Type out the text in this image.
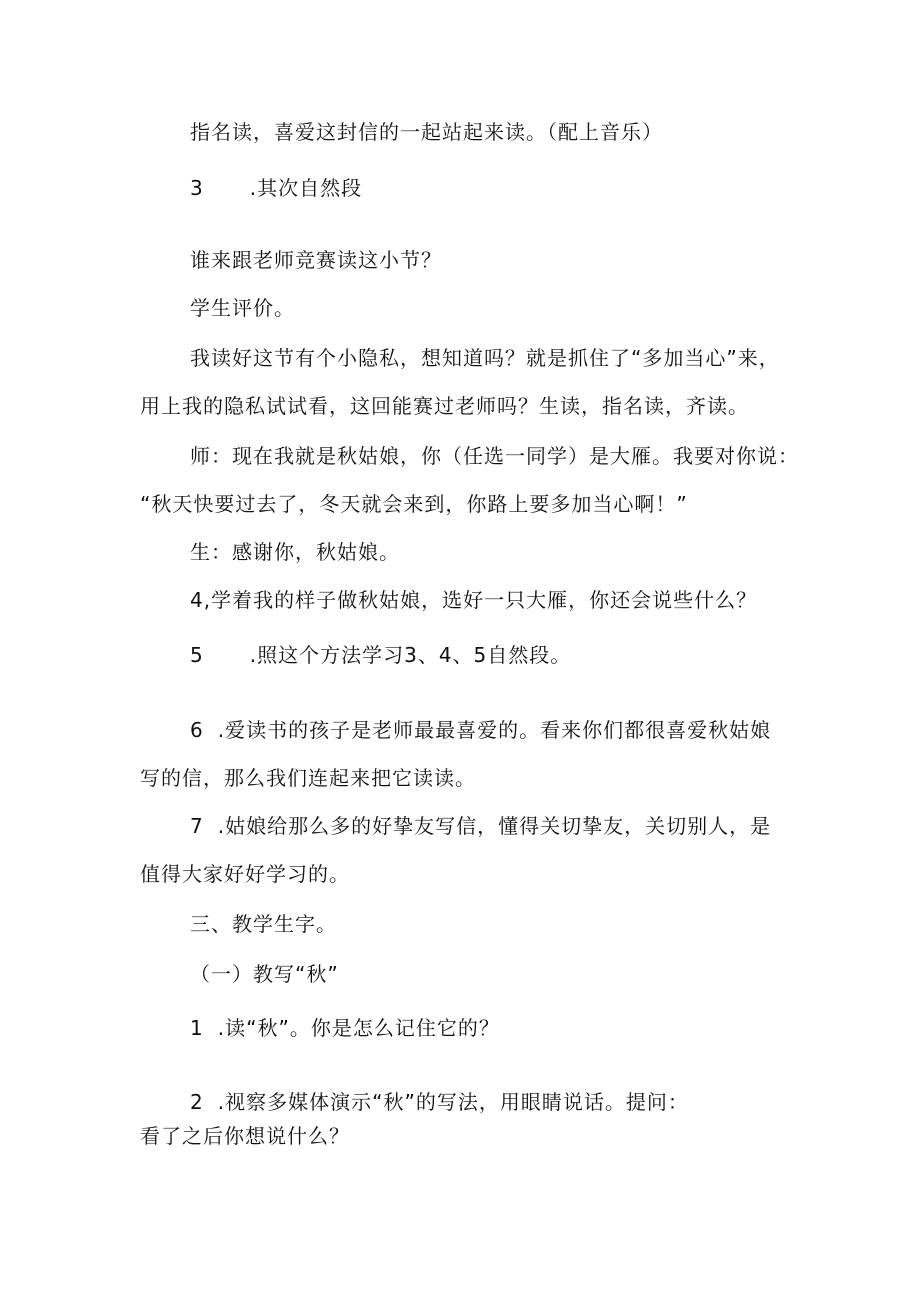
指名读，喜爱这封信的一起站起来读。（配上音乐）
3 .其次自然段
谁来跟老师竞赛读这小节？
学生评价。
我读好这节有个小隐私，想知道吗？就是抓住了“多加当心”来，
用上我的隐私试试看，这回能赛过老师吗？生读，指名读，齐读。
师：现在我就是秋姑娘，你（任选一同学）是大雁。我要对你说：
“秋天快要过去了，冬天就会来到，你路上要多加当心啊！”
生：感谢你，秋姑娘。
4,学着我的样子做秋姑娘，选好一只大雁，你还会说些什么？
5 .照这个方法学习3、4、5自然段。
6 .爱读书的孩子是老师最最喜爱的。看来你们都很喜爱秋姑娘
写的信，那么我们连起来把它读读。
7 .姑娘给那么多的好挚友写信，懂得关切挚友，关切别人，是
值得大家好好学习的。
三、教学生字。
（一）教写“秋”
1 .读“秋”。你是怎么记住它的？
2 .视察多媒体演示“秋”的写法，用眼睛说话。提问：
看了之后你想说什么？
